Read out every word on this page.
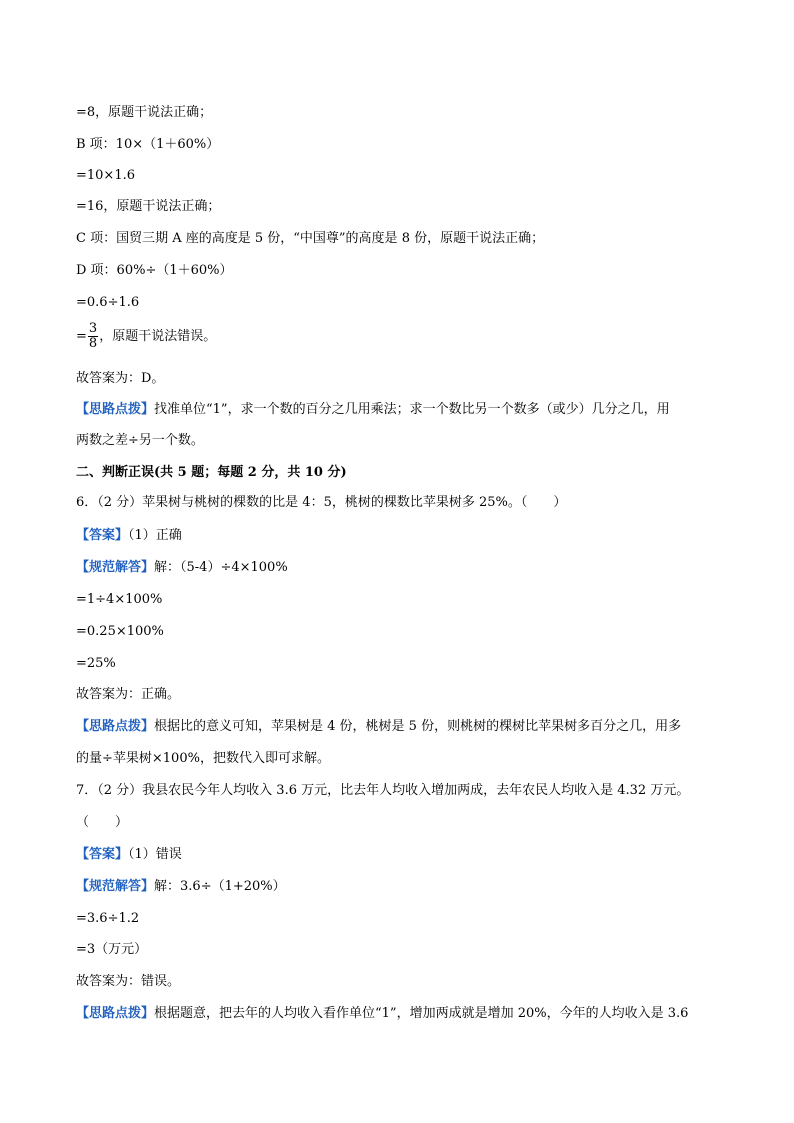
=8，原题干说法正确；
B 项：10×（1＋60%）
=10×1.6
=16，原题干说法正确；
C 项：国贸三期 A 座的高度是 5 份，“中国尊”的高度是 8 份，原题干说法正确；
D 项：60%÷（1＋60%）
=0.6÷1.6
= $\frac{3}{8}$ ，原题干说法错误。
故答案为：D。
【思路点拨】找准单位“1”，求一个数的百分之几用乘法；求一个数比另一个数多（或少）几分之几，用
两数之差÷另一个数。
二、判断正误(共 5 题；每题 2 分，共 10 分)
6．（2 分）苹果树与桃树的棵数的比是 4：5，桃树的棵数比苹果树多 25%。（　　）
【答案】（1）正确
【规范解答】解：（5-4）÷4×100%
=1÷4×100%
=0.25×100%
=25%
故答案为：正确。
【思路点拨】根据比的意义可知，苹果树是 4 份，桃树是 5 份，则桃树的棵树比苹果树多百分之几，用多
的量÷苹果树×100%，把数代入即可求解。
7．（2 分）我县农民今年人均收入 3.6 万元，比去年人均收入增加两成，去年农民人均收入是 4.32 万元。
（　　）
【答案】（1）错误
【规范解答】解：3.6÷（1+20%）
=3.6÷1.2
=3（万元）
故答案为：错误。
【思路点拨】根据题意，把去年的人均收入看作单位“1”，增加两成就是增加 20%，今年的人均收入是 3.6
